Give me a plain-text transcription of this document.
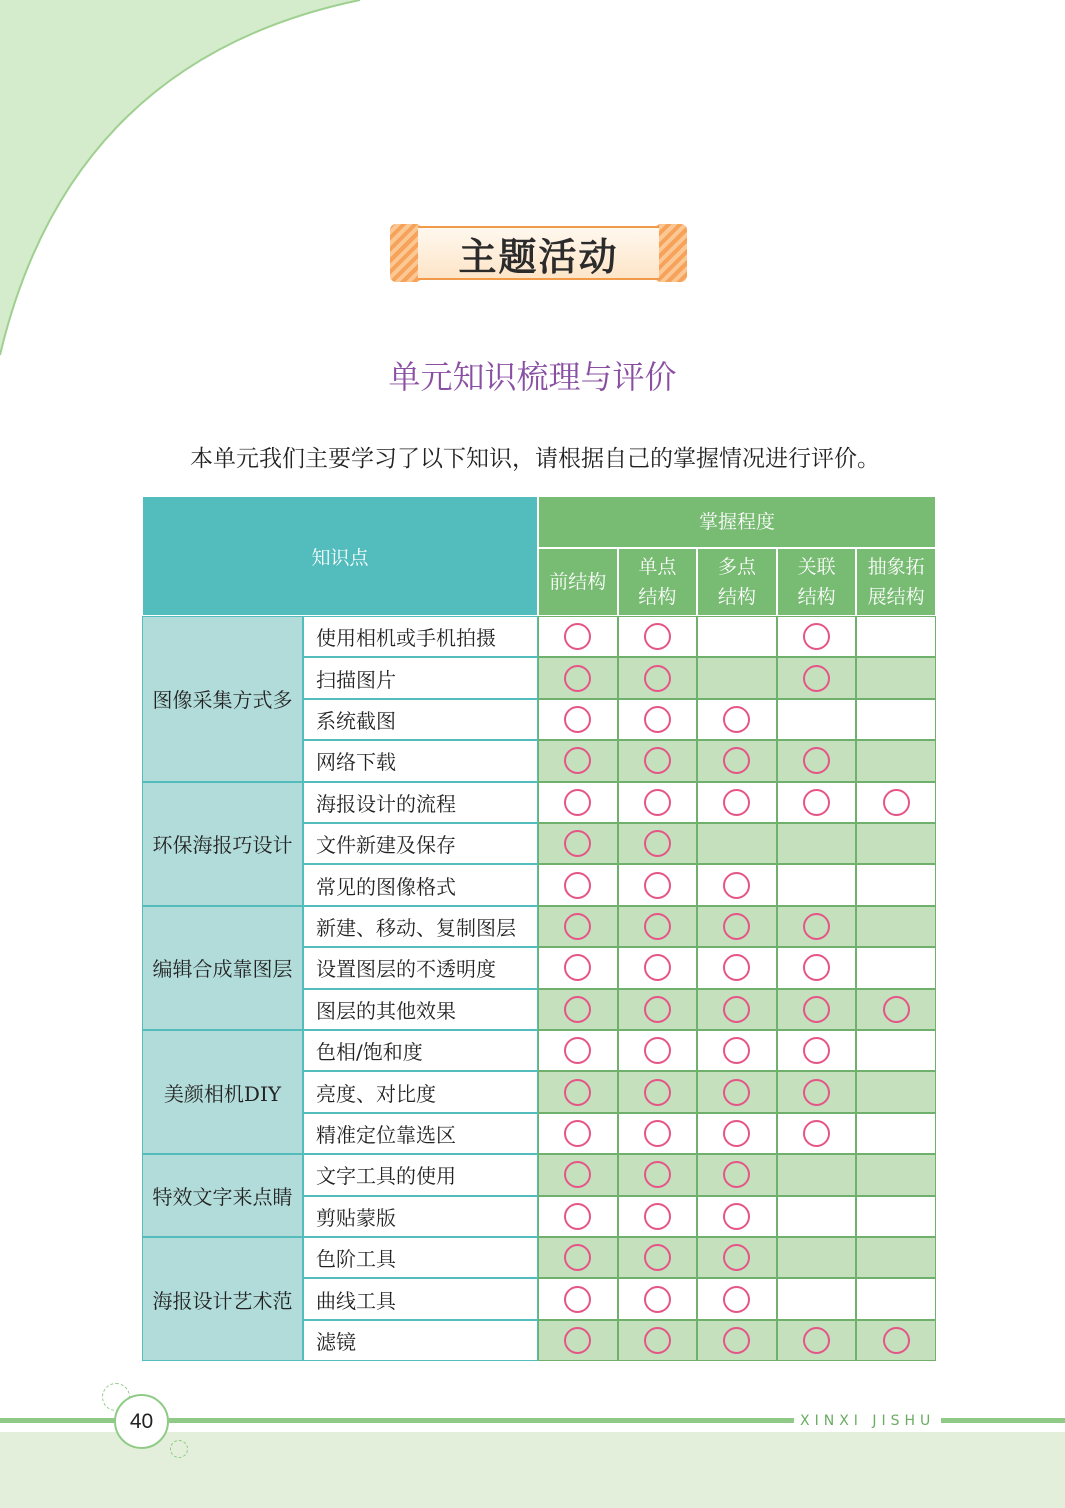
主题活动
单元知识梳理与评价
本单元我们主要学习了以下知识，请根据自己的掌握情况进行评价。
知识点
掌握程度
前结构
单点
结构
多点
结构
关联
结构
抽象拓
展结构
图像采集方式多
使用相机或手机拍摄
扫描图片
系统截图
网络下载
环保海报巧设计
海报设计的流程
文件新建及保存
常见的图像格式
编辑合成靠图层
新建、移动、复制图层
设置图层的不透明度
图层的其他效果
美颜相机DIY
色相/饱和度
亮度、对比度
精准定位靠选区
特效文字来点睛
文字工具的使用
剪贴蒙版
海报设计艺术范
色阶工具
曲线工具
滤镜
40	XINXI JISHU
